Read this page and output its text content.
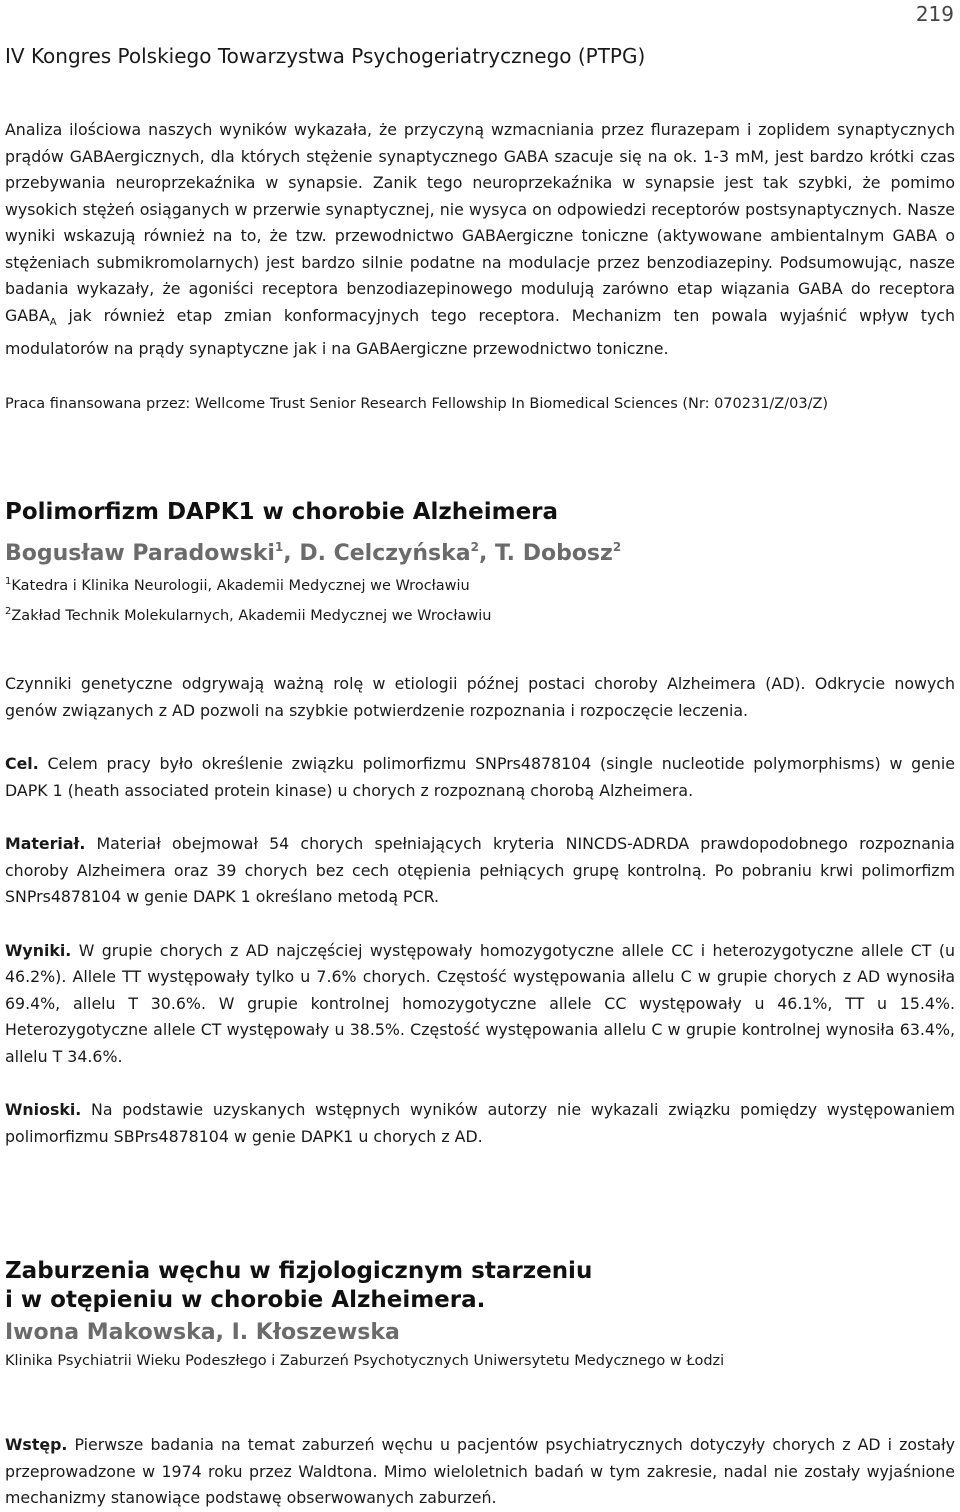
219
IV Kongres Polskiego Towarzystwa Psychogeriatrycznego (PTPG)

Analiza ilościowa naszych wyników wykazała, że przyczyną wzmacniania przez flurazepam i zoplidem synaptycznych prądów GABAergicznych, dla których stężenie synaptycznego GABA szacuje się na ok. 1-3 mM, jest bardzo krótki czas przebywania neuroprzekaźnika w synapsie. Zanik tego neuroprzekaźnika w synapsie jest tak szybki, że pomimo wysokich stężeń osiąganych w przerwie synaptycznej, nie wysyca on odpowiedzi receptorów postsynaptycznych. Nasze wyniki wskazują również na to, że tzw. przewodnictwo GABAergiczne toniczne (aktywowane ambientalnym GABA o stężeniach submikromolarnych) jest bardzo silnie podatne na modulacje przez benzodiazepiny. Podsumowując, nasze badania wykazały, że agoniści receptora benzodiazepinowego modulują zarówno etap wiązania GABA do receptora $GABA_A$ jak również etap zmian konformacyjnych tego receptora. Mechanizm ten powala wyjaśnić wpływ tych modulatorów na prądy synaptyczne jak i na GABAergiczne przewodnictwo toniczne.

Praca finansowana przez: Wellcome Trust Senior Research Fellowship In Biomedical Sciences (Nr: 070231/Z/03/Z)

Polimorfizm DAPK1 w chorobie Alzheimera

Bogusław Paradowski$^1$, D. Celczyńska$^2$, T. Dobosz$^2$

$^1$Katedra i Klinika Neurologii, Akademii Medycznej we Wrocławiu

$^2$Zakład Technik Molekularnych, Akademii Medycznej we Wrocławiu

Czynniki genetyczne odgrywają ważną rolę w etiologii późnej postaci choroby Alzheimera (AD). Odkrycie nowych genów związanych z AD pozwoli na szybkie potwierdzenie rozpoznania i rozpoczęcie leczenia.

Cel. Celem pracy było określenie związku polimorfizmu SNPrs4878104 (single nucleotide polymorphisms) w genie DAPK 1 (heath associated protein kinase) u chorych z rozpoznaną chorobą Alzheimera.

Materiał. Materiał obejmował 54 chorych spełniających kryteria NINCDS-ADRDA prawdopodobnego rozpoznania choroby Alzheimera oraz 39 chorych bez cech otępienia pełniących grupę kontrolną. Po pobraniu krwi polimorfizm SNPrs4878104 w genie DAPK 1 określano metodą PCR.

Wyniki. W grupie chorych z AD najczęściej występowały homozygotyczne allele CC i heterozygotyczne allele CT (u 46.2%). Allele TT występowały tylko u 7.6% chorych. Częstość występowania allelu C w grupie chorych z AD wynosiła 69.4%, allelu T 30.6%. W grupie kontrolnej homozygotyczne allele CC występowały u 46.1%, TT u 15.4%. Heterozygotyczne allele CT występowały u 38.5%. Częstość występowania allelu C w grupie kontrolnej wynosiła 63.4%, allelu T 34.6%.

Wnioski. Na podstawie uzyskanych wstępnych wyników autorzy nie wykazali związku pomiędzy występowaniem polimorfizmu SBPrs4878104 w genie DAPK1 u chorych z AD.

Zaburzenia węchu w fizjologicznym starzeniu

i w otępieniu w chorobie Alzheimera.

Iwona Makowska, I. Kłoszewska

Klinika Psychiatrii Wieku Podeszłego i Zaburzeń Psychotycznych Uniwersytetu Medycznego w Łodzi

Wstęp. Pierwsze badania na temat zaburzeń węchu u pacjentów psychiatrycznych dotyczyły chorych z AD i zostały przeprowadzone w 1974 roku przez Waldtona. Mimo wieloletnich badań w tym zakresie, nadal nie zostały wyjaśnione mechanizmy stanowiące podstawę obserwowanych zaburzeń.
